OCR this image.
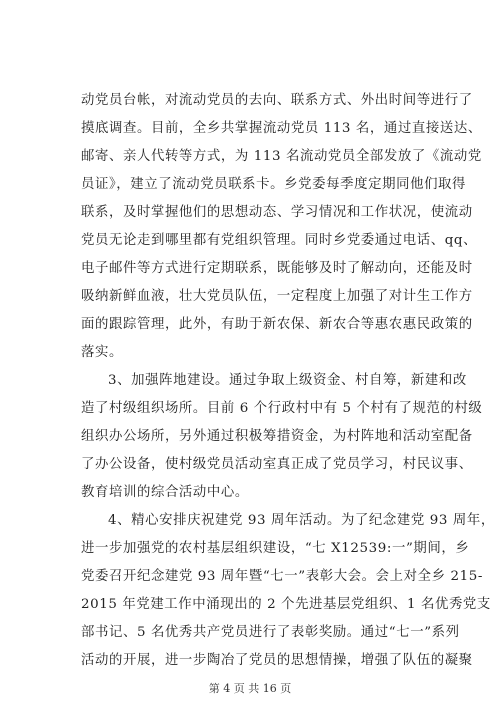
动党员台帐，对流动党员的去向、联系方式、外出时间等进行了
摸底调查。目前，全乡共掌握流动党员 113 名，通过直接送达、
邮寄、亲人代转等方式，为 113 名流动党员全部发放了《流动党
员证》，建立了流动党员联系卡。乡党委每季度定期同他们取得
联系，及时掌握他们的思想动态、学习情况和工作状况，使流动
党员无论走到哪里都有党组织管理。同时乡党委通过电话、qq、
电子邮件等方式进行定期联系，既能够及时了解动向，还能及时
吸纳新鲜血液，壮大党员队伍，一定程度上加强了对计生工作方
面的跟踪管理，此外，有助于新农保、新农合等惠农惠民政策的
落实。
3、加强阵地建设。通过争取上级资金、村自筹，新建和改
造了村级组织场所。目前 6 个行政村中有 5 个村有了规范的村级
组织办公场所，另外通过积极筹措资金，为村阵地和活动室配备
了办公设备，使村级党员活动室真正成了党员学习，村民议事、
教育培训的综合活动中心。
4、精心安排庆祝建党 93 周年活动。为了纪念建党 93 周年，
进一步加强党的农村基层组织建设，“七 X12539:一”期间，乡
党委召开纪念建党 93 周年暨“七一”表彰大会。会上对全乡 215-
2015 年党建工作中涌现出的 2 个先进基层党组织、1 名优秀党支
部书记、5 名优秀共产党员进行了表彰奖励。通过“七一”系列
活动的开展，进一步陶冶了党员的思想情操，增强了队伍的凝聚
第 4 页 共 16 页
